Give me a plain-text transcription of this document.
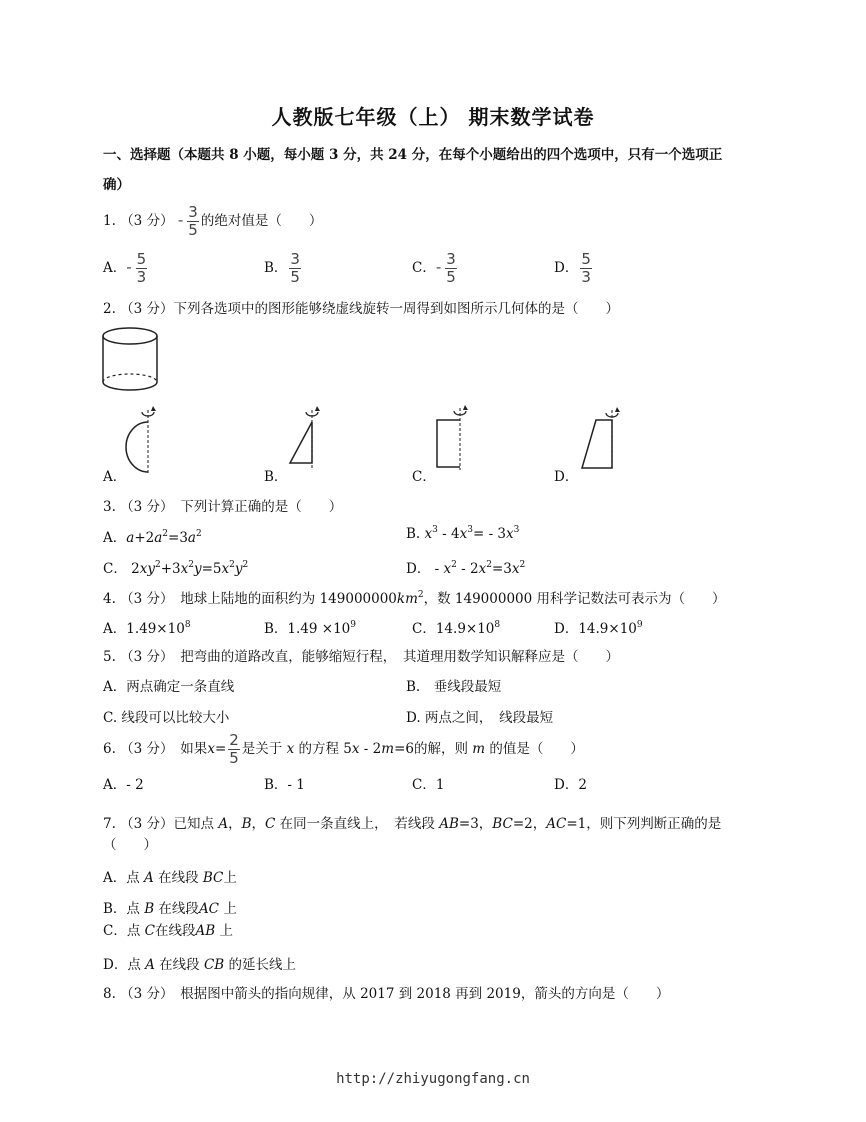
人教版七年级（上） 期末数学试卷
一、选择题（本题共 8 小题，每小题 3 分，共 24 分，在每个小题给出的四个选项中，只有一个选项正
确）
1. （3 分） - $\frac{3}{5}$ 的绝对值是（　　）
A．- $\frac{5}{3}$	B． $\frac{3}{5}$	C．- $\frac{3}{5}$	D． $\frac{5}{3}$
2. （3 分）下列各选项中的图形能够绕虚线旋转一周得到如图所示几何体的是（　　）
A．	B．	C．	D．
3. （3 分）　下列计算正确的是（　　）
A．$a+2a^2=3a^2$	B. $x^3 - 4x^3= - 3x^3$
C． $2xy^2+3x^2y=5x^2y^2$	D． - $x^2 - 2x^2=3x^2$
4. （3 分）　地球上陆地的面积约为 $149000000km^2$，数 149000000 用科学记数法可表示为（　　）
A．$1.49\times 10^8$	B．$1.49 \times 10^9$	C．$14.9\times 10^8$	D．$14.9\times 10^9$
5. （3 分）　把弯曲的道路改直，能够缩短行程，　其道理用数学知识解释应是（　　）
A．两点确定一条直线	B.　垂线段最短
C. 线段可以比较大小	D. 两点之间，　线段最短
6. （3 分）　如果$x= \frac{2}{5}$ 是关于 x 的方程 5x - 2m=6的解，则 m 的值是（　　）
A．- 2	B．- 1	C．1	D．2
7. （3 分）已知点 A，B，C 在同一条直线上，　若线段 AB=3，BC=2，AC=1，则下列判断正确的是
（　　）
A．点 A 在线段 BC上
B．点 B 在线段AC 上
C．点 C在线段AB 上
D．点 A 在线段 CB 的延长线上
8. （3 分）　根据图中箭头的指向规律，从 2017 到 2018 再到 2019，箭头的方向是（　　）
http://zhiyugongfang.cn
